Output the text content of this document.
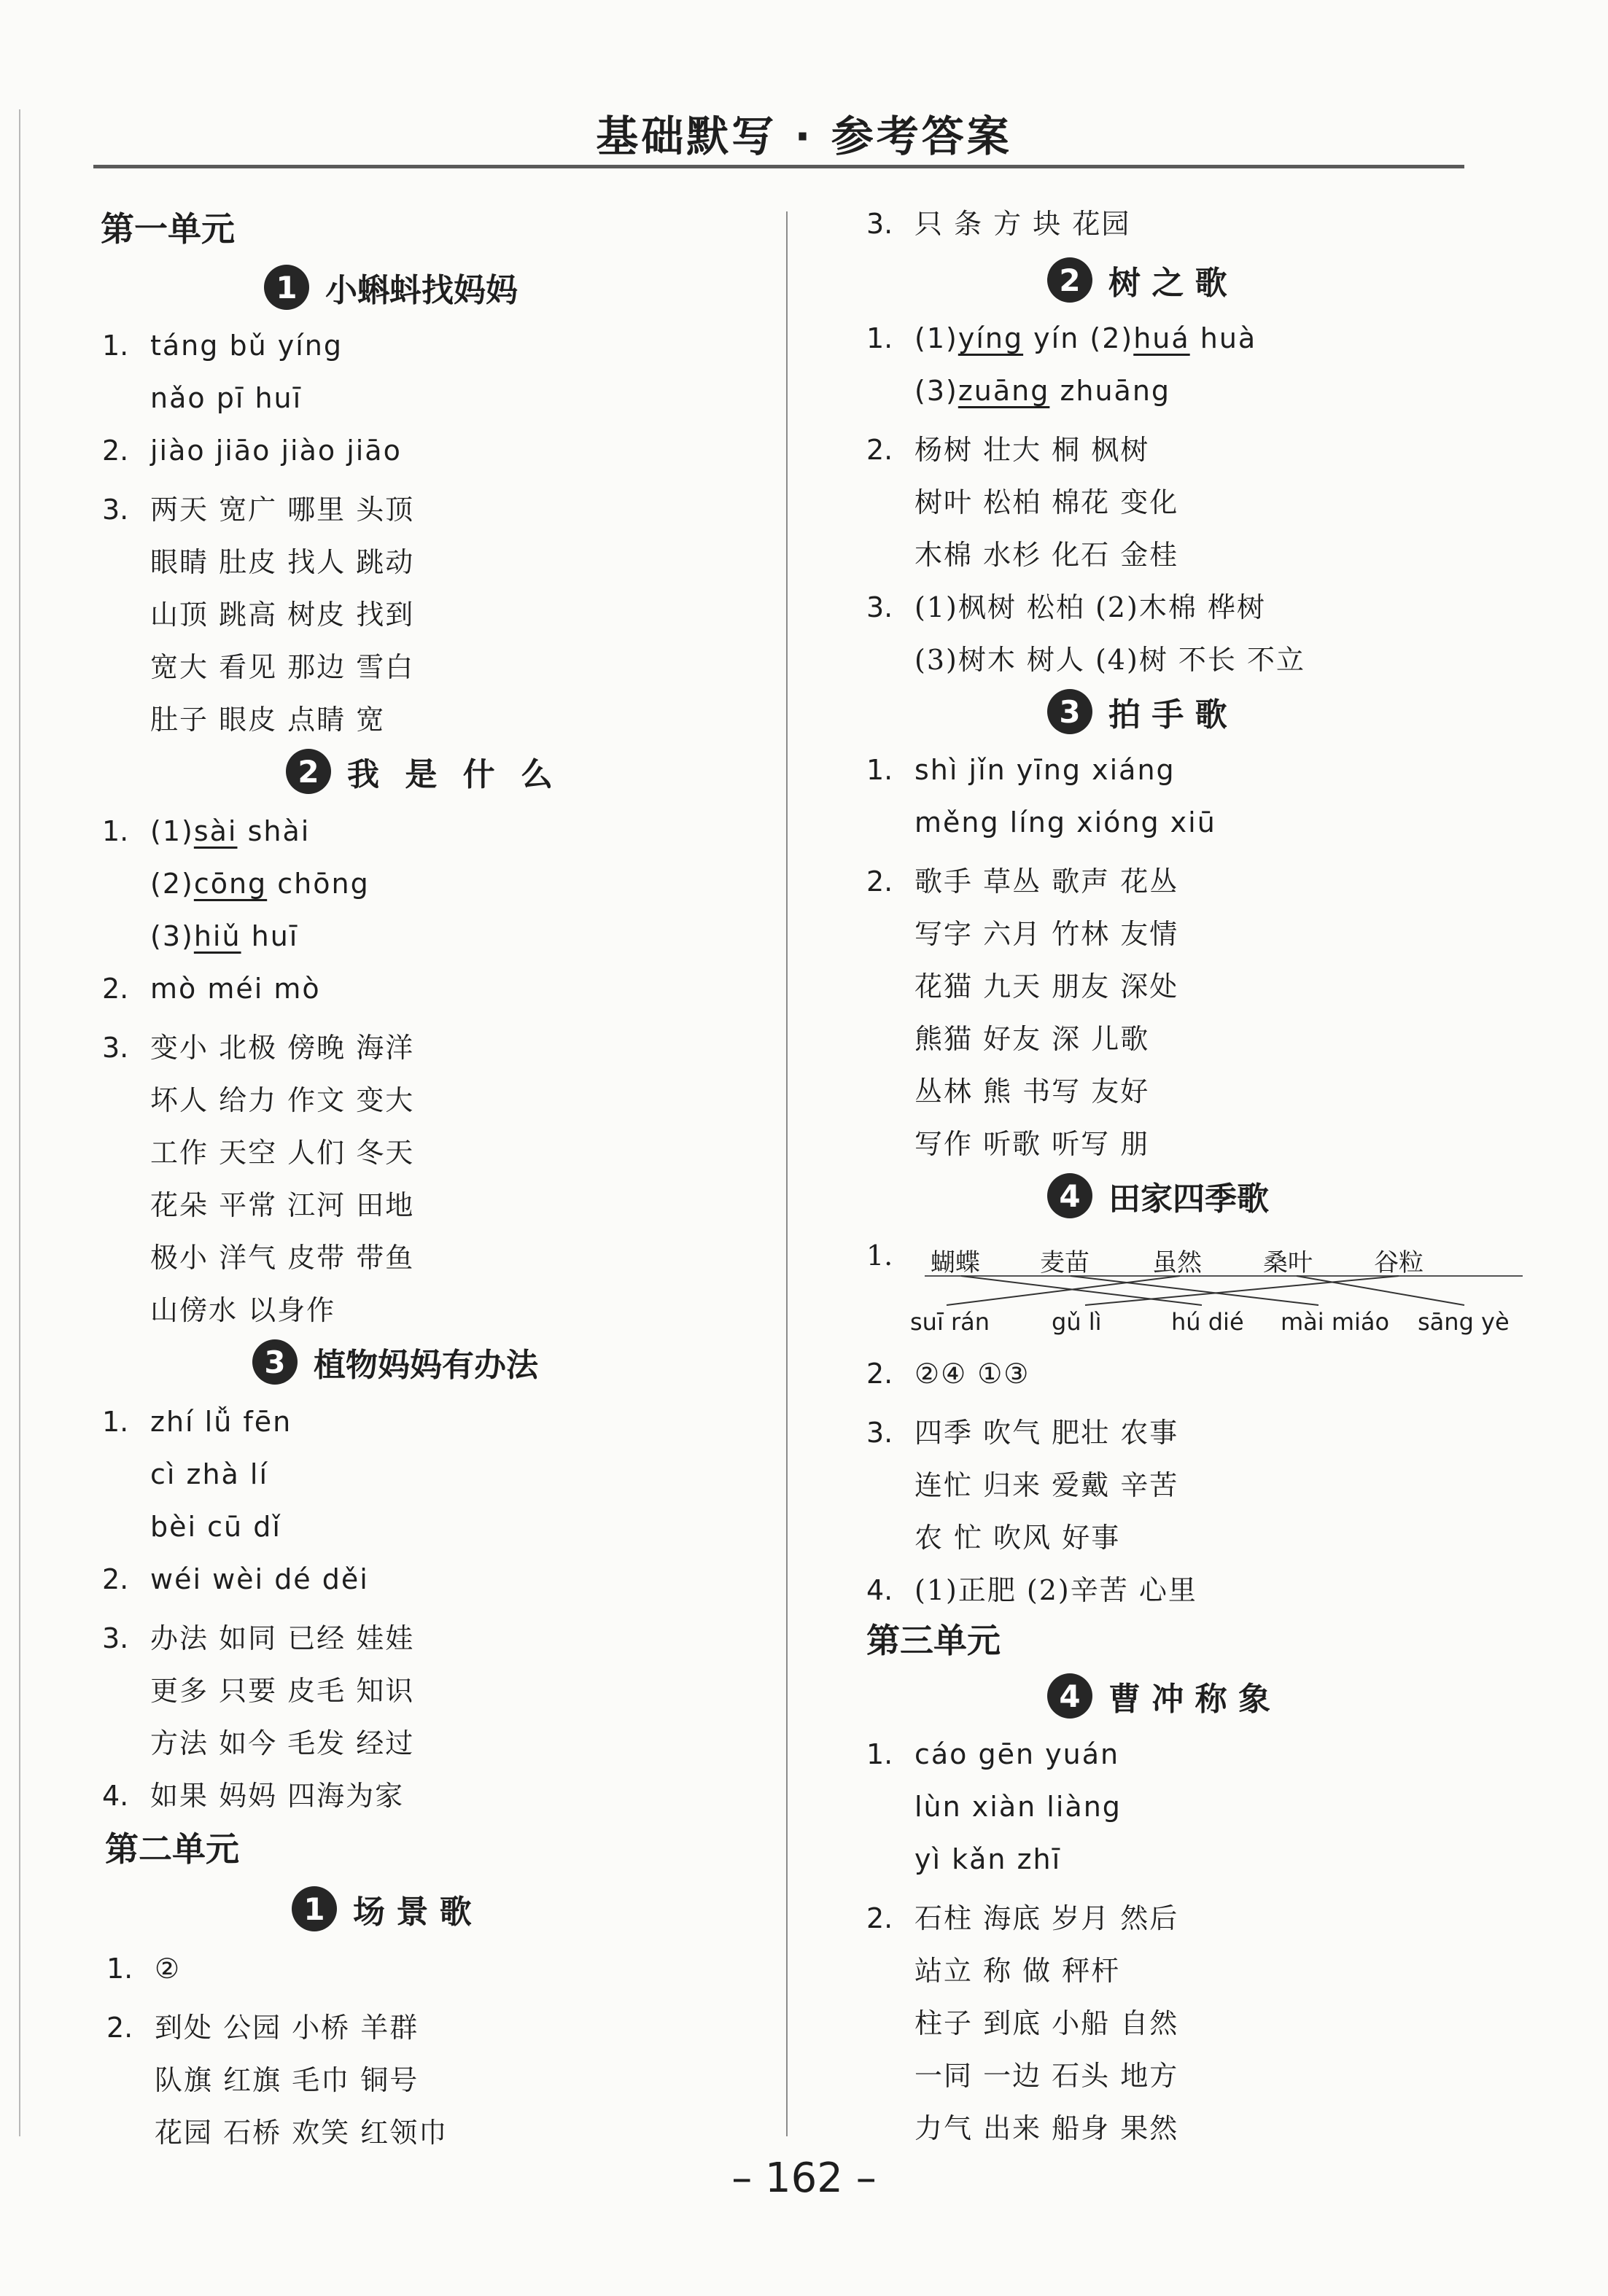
基础默写 · 参考答案
第一单元
1 小蝌蚪找妈妈
1. táng bǔ yíng
nǎo pī huī
2. jiào jiāo jiào jiāo
3. 两天 宽广 哪里 头顶
眼睛 肚皮 找人 跳动
山顶 跳高 树皮 找到
宽大 看见 那边 雪白
肚子 眼皮 点睛 宽
2 我 是 什 么
1. (1)sài shài
(2)cōng chōng
(3)hiǔ huī
2. mò méi mò
3. 变小 北极 傍晚 海洋
坏人 给力 作文 变大
工作 天空 人们 冬天
花朵 平常 江河 田地
极小 洋气 皮带 带鱼
山傍水 以身作
3 植物妈妈有办法
1. zhí lǚ fēn
cì zhà lí
bèi cū dǐ
2. wéi wèi dé děi
3. 办法 如同 已经 娃娃
更多 只要 皮毛 知识
方法 如今 毛发 经过
4. 如果 妈妈 四海为家
第二单元
1 场 景 歌
1. ②
2. 到处 公园 小桥 羊群
队旗 红旗 毛巾 铜号
花园 石桥 欢笑 红领巾
3. 只 条 方 块 花园
2 树 之 歌
1. (1)yíng yín (2)huá huà
(3)zuāng zhuāng
2. 杨树 壮大 桐 枫树
树叶 松柏 棉花 变化
木棉 水杉 化石 金桂
3. (1)枫树 松柏 (2)木棉 桦树
(3)树木 树人 (4)树 不长 不立
3 拍 手 歌
1. shì jǐn yīng xiáng
měng líng xióng xiū
2. 歌手 草丛 歌声 花丛
写字 六月 竹林 友情
花猫 九天 朋友 深处
熊猫 好友 深 儿歌
丛林 熊 书写 友好
写作 听歌 听写 朋
4 田家四季歌
1. 蝴蝶 麦苗	虽然 桑叶 谷粒
suī rán	gǔ lì	hú dié mài miáo sāng yè
2. ②④ ①③
3. 四季 吹气 肥壮 农事
连忙 归来 爱戴 辛苦
农 忙 吹风 好事
4. (1)正肥 (2)辛苦 心里
第三单元
4 曹 冲 称 象
1. cáo gēn yuán
lùn xiàn liàng
yì kǎn zhī
2. 石柱 海底 岁月 然后
站立 称 做 秤杆
柱子 到底 小船 自然
一同 一边 石头 地方
力气 出来 船身 果然
– 162 –
